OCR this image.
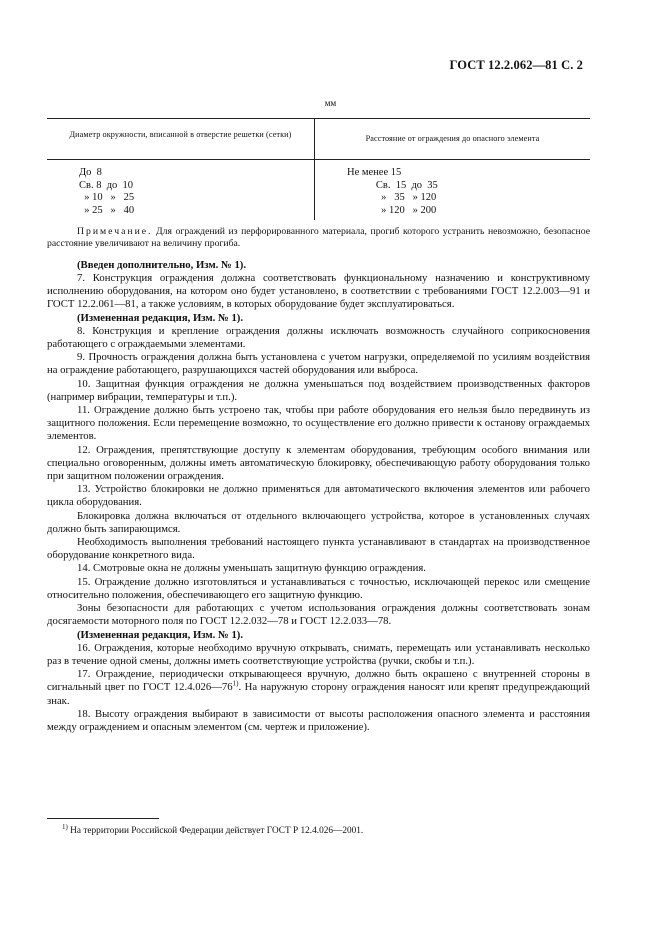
ГОСТ 12.2.062—81 С. 2
мм
Диаметр окружности, вписанной в отверстие решетки (сетки)	Расстояние от ограждения до опасного элемента
До  8
Св. 8  до  10
» 10   »   25
» 25   »   40
Не менее 15
Св.  15  до  35
»   35   » 120
» 120   » 200

Примечание. Для ограждений из перфорированного материала, прогиб которого устранить невозможно, безопасное расстояние увеличивают на величину прогиба.

(Введен дополнительно, Изм. № 1).

7. Конструкция ограждения должна соответствовать функциональному назначению и конструктивному исполнению оборудования, на котором оно будет установлено, в соответствии с требованиями ГОСТ 12.2.003—91 и ГОСТ 12.2.061—81, а также условиям, в которых оборудование будет эксплуатироваться.

(Измененная редакция, Изм. № 1).

8. Конструкция и крепление ограждения должны исключать возможность случайного соприкосновения работающего с ограждаемыми элементами.

9. Прочность ограждения должна быть установлена с учетом нагрузки, определяемой по усилиям воздействия на ограждение работающего, разрушающихся частей оборудования или выброса.

10. Защитная функция ограждения не должна уменьшаться под воздействием производственных факторов (например вибрации, температуры и т.п.).

11. Ограждение должно быть устроено так, чтобы при работе оборудования его нельзя было передвинуть из защитного положения. Если перемещение возможно, то осуществление его должно привести к останову ограждаемых элементов.

12. Ограждения, препятствующие доступу к элементам оборудования, требующим особого внимания или специально оговоренным, должны иметь автоматическую блокировку, обеспечивающую работу оборудования только при защитном положении ограждения.

13. Устройство блокировки не должно применяться для автоматического включения элементов или рабочего цикла оборудования.

Блокировка должна включаться от отдельного включающего устройства, которое в установленных случаях должно быть запирающимся.

Необходимость выполнения требований настоящего пункта устанавливают в стандартах на производственное оборудование конкретного вида.

14. Смотровые окна не должны уменьшать защитную функцию ограждения.

15. Ограждение должно изготовляться и устанавливаться с точностью, исключающей перекос или смещение относительно положения, обеспечивающего его защитную функцию.

Зоны безопасности для работающих с учетом использования ограждения должны соответствовать зонам досягаемости моторного поля по ГОСТ 12.2.032—78 и ГОСТ 12.2.033—78.

(Измененная редакция, Изм. № 1).

16. Ограждения, которые необходимо вручную открывать, снимать, перемещать или устанавливать несколько раз в течение одной смены, должны иметь соответствующие устройства (ручки, скобы и т.п.).

17. Ограждение, периодически открывающееся вручную, должно быть окрашено с внутренней стороны в сигнальный цвет по ГОСТ 12.4.026—76$^{1)}$. На наружную сторону ограждения наносят или крепят предупреждающий знак.

18. Высоту ограждения выбирают в зависимости от высоты расположения опасного элемента и расстояния между ограждением и опасным элементом (см. чертеж и приложение).

$^{1)}$ На территории Российской Федерации действует ГОСТ Р 12.4.026—2001.
